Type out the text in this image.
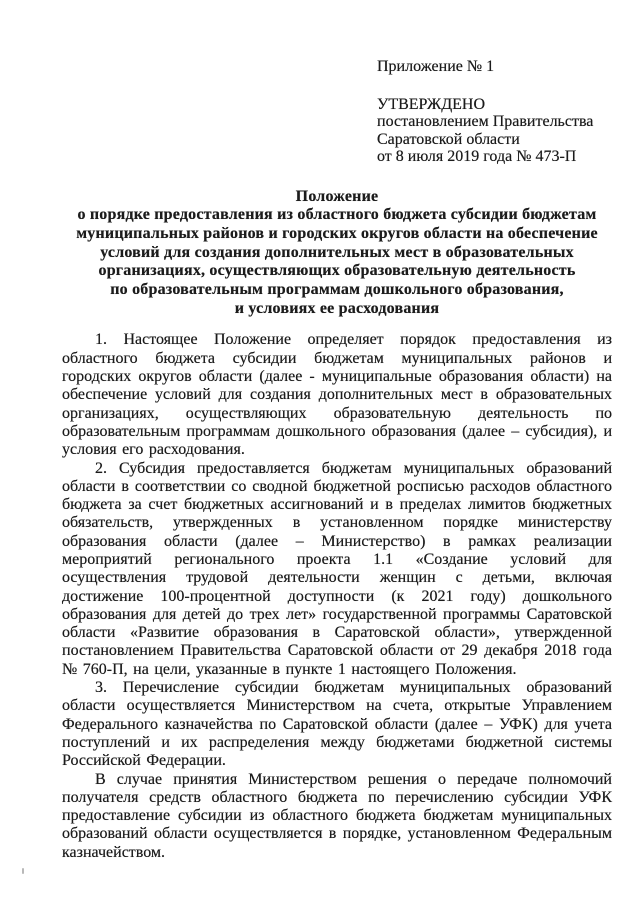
Приложение № 1
УТВЕРЖДЕНО
постановлением Правительства
Саратовской области
от 8 июля 2019 года № 473-П
Положение
о порядке предоставления из областного бюджета субсидии бюджетам
муниципальных районов и городских округов области на обеспечение
условий для создания дополнительных мест в образовательных
организациях, осуществляющих образовательную деятельность
по образовательным программам дошкольного образования,
и условиях ее расходования

1. Настоящее Положение определяет порядок предоставления из областного бюджета субсидии бюджетам муниципальных районов и городских округов области (далее - муниципальные образования области) на обеспечение условий для создания дополнительных мест в образовательных организациях, осуществляющих образовательную деятельность по образовательным программам дошкольного образования (далее – субсидия), и условия его расходования.

2. Субсидия предоставляется бюджетам муниципальных образований области в соответствии со сводной бюджетной росписью расходов областного бюджета за счет бюджетных ассигнований и в пределах лимитов бюджетных обязательств, утвержденных в установленном порядке министерству образования области (далее – Министерство) в рамках реализации мероприятий регионального проекта 1.1 «Создание условий для осуществления трудовой деятельности женщин с детьми, включая достижение 100-процентной доступности (к 2021 году) дошкольного образования для детей до трех лет» государственной программы Саратовской области «Развитие образования в Саратовской области», утвержденной постановлением Правительства Саратовской области от 29 декабря 2018 года № 760-П, на цели, указанные в пункте 1 настоящего Положения.

3. Перечисление субсидии бюджетам муниципальных образований области осуществляется Министерством на счета, открытые Управлением Федерального казначейства по Саратовской области (далее – УФК) для учета поступлений и их распределения между бюджетами бюджетной системы Российской Федерации.

В случае принятия Министерством решения о передаче полномочий получателя средств областного бюджета по перечислению субсидии УФК предоставление субсидии из областного бюджета бюджетам муниципальных образований области осуществляется в порядке, установленном Федеральным казначейством.
